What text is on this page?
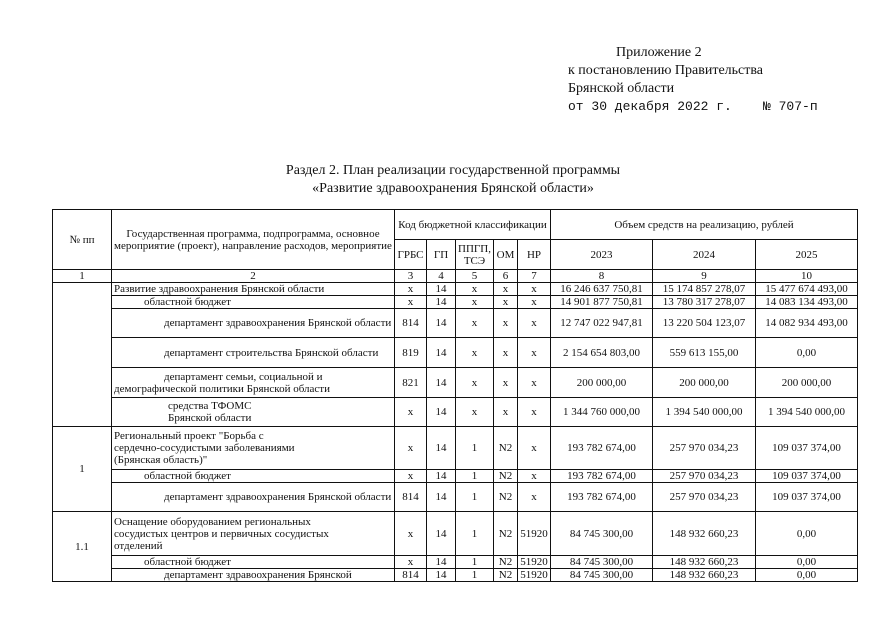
Приложение 2
к постановлению Правительства
Брянской области
от 30 декабря 2022 г.    № 707-п
Раздел 2. План реализации государственной программы
«Развитие здравоохранения Брянской области»
№ пп	Государственная программа, подпрограмма, основное мероприятие (проект), направление расходов, мероприятие	Код бюджетной классификации					Объем средств на реализацию, рублей		
		ГРБС	ГП	ППГП, ТСЭ	ОМ	НР	2023	2024	2025
1	2	3	4	5	6	7	8	9	10
	Развитие здравоохранения Брянской области	x	14	x	x	x	16 246 637 750,81	15 174 857 278,07	15 477 674 493,00
	областной бюджет	x	14	x	x	x	14 901 877 750,81	13 780 317 278,07	14 083 134 493,00
	департамент здравоохранения Брянской области	814	14	x	x	x	12 747 022 947,81	13 220 504 123,07	14 082 934 493,00
	департамент строительства Брянской области	819	14	x	x	x	2 154 654 803,00	559 613 155,00	0,00
	департамент семьи, социальной и демографической политики Брянской области	821	14	x	x	x	200 000,00	200 000,00	200 000,00
	средства ТФОМС Брянской области	x	14	x	x	x	1 344 760 000,00	1 394 540 000,00	1 394 540 000,00
1	Региональный проект "Борьба с сердечно-сосудистыми заболеваниями (Брянская область)"	x	14	1	N2	x	193 782 674,00	257 970 034,23	109 037 374,00
	областной бюджет	x	14	1	N2	x	193 782 674,00	257 970 034,23	109 037 374,00
	департамент здравоохранения Брянской области	814	14	1	N2	x	193 782 674,00	257 970 034,23	109 037 374,00
1.1	Оснащение оборудованием региональных сосудистых центров и первичных сосудистых отделений	x	14	1	N2	51920	84 745 300,00	148 932 660,23	0,00
	областной бюджет	x	14	1	N2	51920	84 745 300,00	148 932 660,23	0,00
	департамент здравоохранения Брянской	814	14	1	N2	51920	84 745 300,00	148 932 660,23	0,00
